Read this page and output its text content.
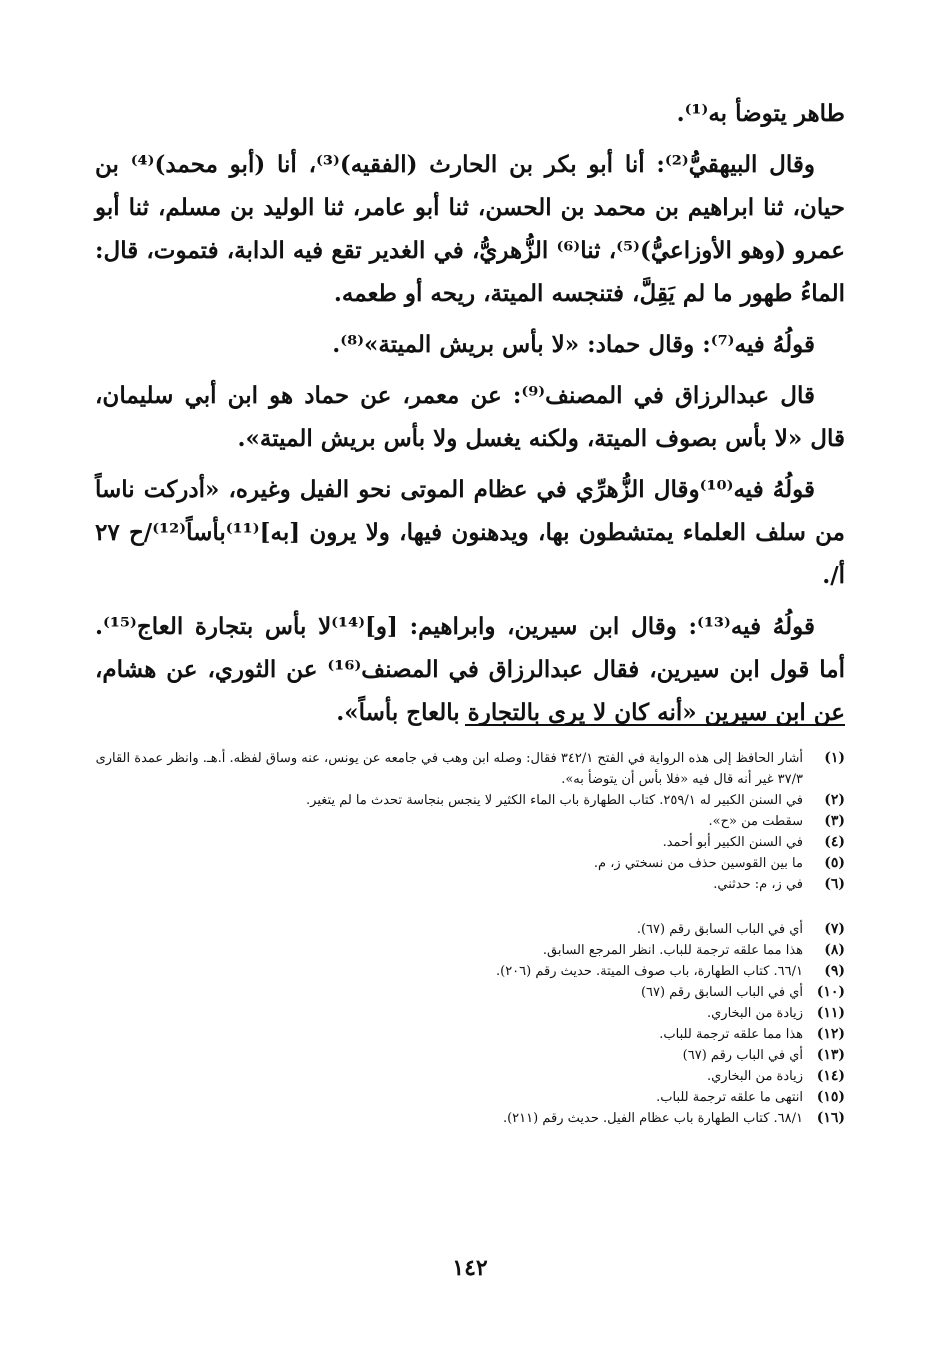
طاهر يتوضأ به⁽¹⁾.

وقال البيهقيُّ⁽²⁾: أنا أبو بكر بن الحارث (الفقيه)⁽³⁾، أنا (أبو محمد)⁽⁴⁾ بن حيان، ثنا ابراهيم بن محمد بن الحسن، ثنا أبو عامر، ثنا الوليد بن مسلم، ثنا أبو عمرو (وهو الأوزاعيُّ)⁽⁵⁾، ثنا⁽⁶⁾ الزُّهريُّ، في الغدير تقع فيه الدابة، فتموت، قال: الماءُ طهور ما لم يَقِلَّ، فتنجسه الميتة، ريحه أو طعمه.

قولُهُ فيه⁽⁷⁾: وقال حماد: «لا بأس بريش الميتة»⁽⁸⁾.

قال عبدالرزاق في المصنف⁽⁹⁾: عن معمر، عن حماد هو ابن أبي سليمان، قال «لا بأس بصوف الميتة، ولكنه يغسل ولا بأس بريش الميتة».

قولُهُ فيه⁽¹⁰⁾وقال الزُّهرِّي في عظام الموتى نحو الفيل وغيره، «أدركت ناساً من سلف العلماء يمتشطون بها، ويدهنون فيها، ولا يرون [به]⁽¹¹⁾بأساً⁽¹²⁾/ح ٢٧ أ/.

قولُهُ فيه⁽¹³⁾: وقال ابن سيرين، وابراهيم: [و]⁽¹⁴⁾لا بأس بتجارة العاج⁽¹⁵⁾. أما قول ابن سيرين، فقال عبدالرزاق في المصنف⁽¹⁶⁾ عن الثوري، عن هشام، عن ابن سيرين «أنه كان لا يرى بالتجارة بالعاج بأساً».

(١)
أشار الحافظ إلى هذه الرواية في الفتح ٣٤٢/١ فقال: وصله ابن وهب في جامعه عن يونس، عنه وساق لفظه. أ.هـ. وانظر عمدة القارى ٣٧/٣ غير أنه قال فيه «فلا بأس أن يتوضأ به».
(٢)
في السنن الكبير له ٢٥٩/١. كتاب الطهارة باب الماء الكثير لا ينجس بنجاسة تحدث ما لم يتغير.
(٣)
سقطت من «ح».
(٤)
في السنن الكبير أبو أحمد.
(٥)
ما بين القوسين حذف من نسختي ز، م.
(٦)
في ز، م: حدثني.
(٧)
أي في الباب السابق رقم (٦٧).
(٨)
هذا مما علقه ترجمة للباب. انظر المرجع السابق.
(٩)
٦٦/١. كتاب الطهارة، باب صوف الميتة. حديث رقم (٢٠٦).
(١٠)
أي في الباب السابق رقم (٦٧)
(١١)
زيادة من البخاري.
(١٢)
هذا مما علقه ترجمة للباب.
(١٣)
أي في الباب رقم (٦٧)
(١٤)
زيادة من البخاري.
(١٥)
انتهى ما علقه ترجمة للباب.
(١٦)
٦٨/١. كتاب الطهارة باب عظام الفيل. حديث رقم (٢١١).
١٤٢
